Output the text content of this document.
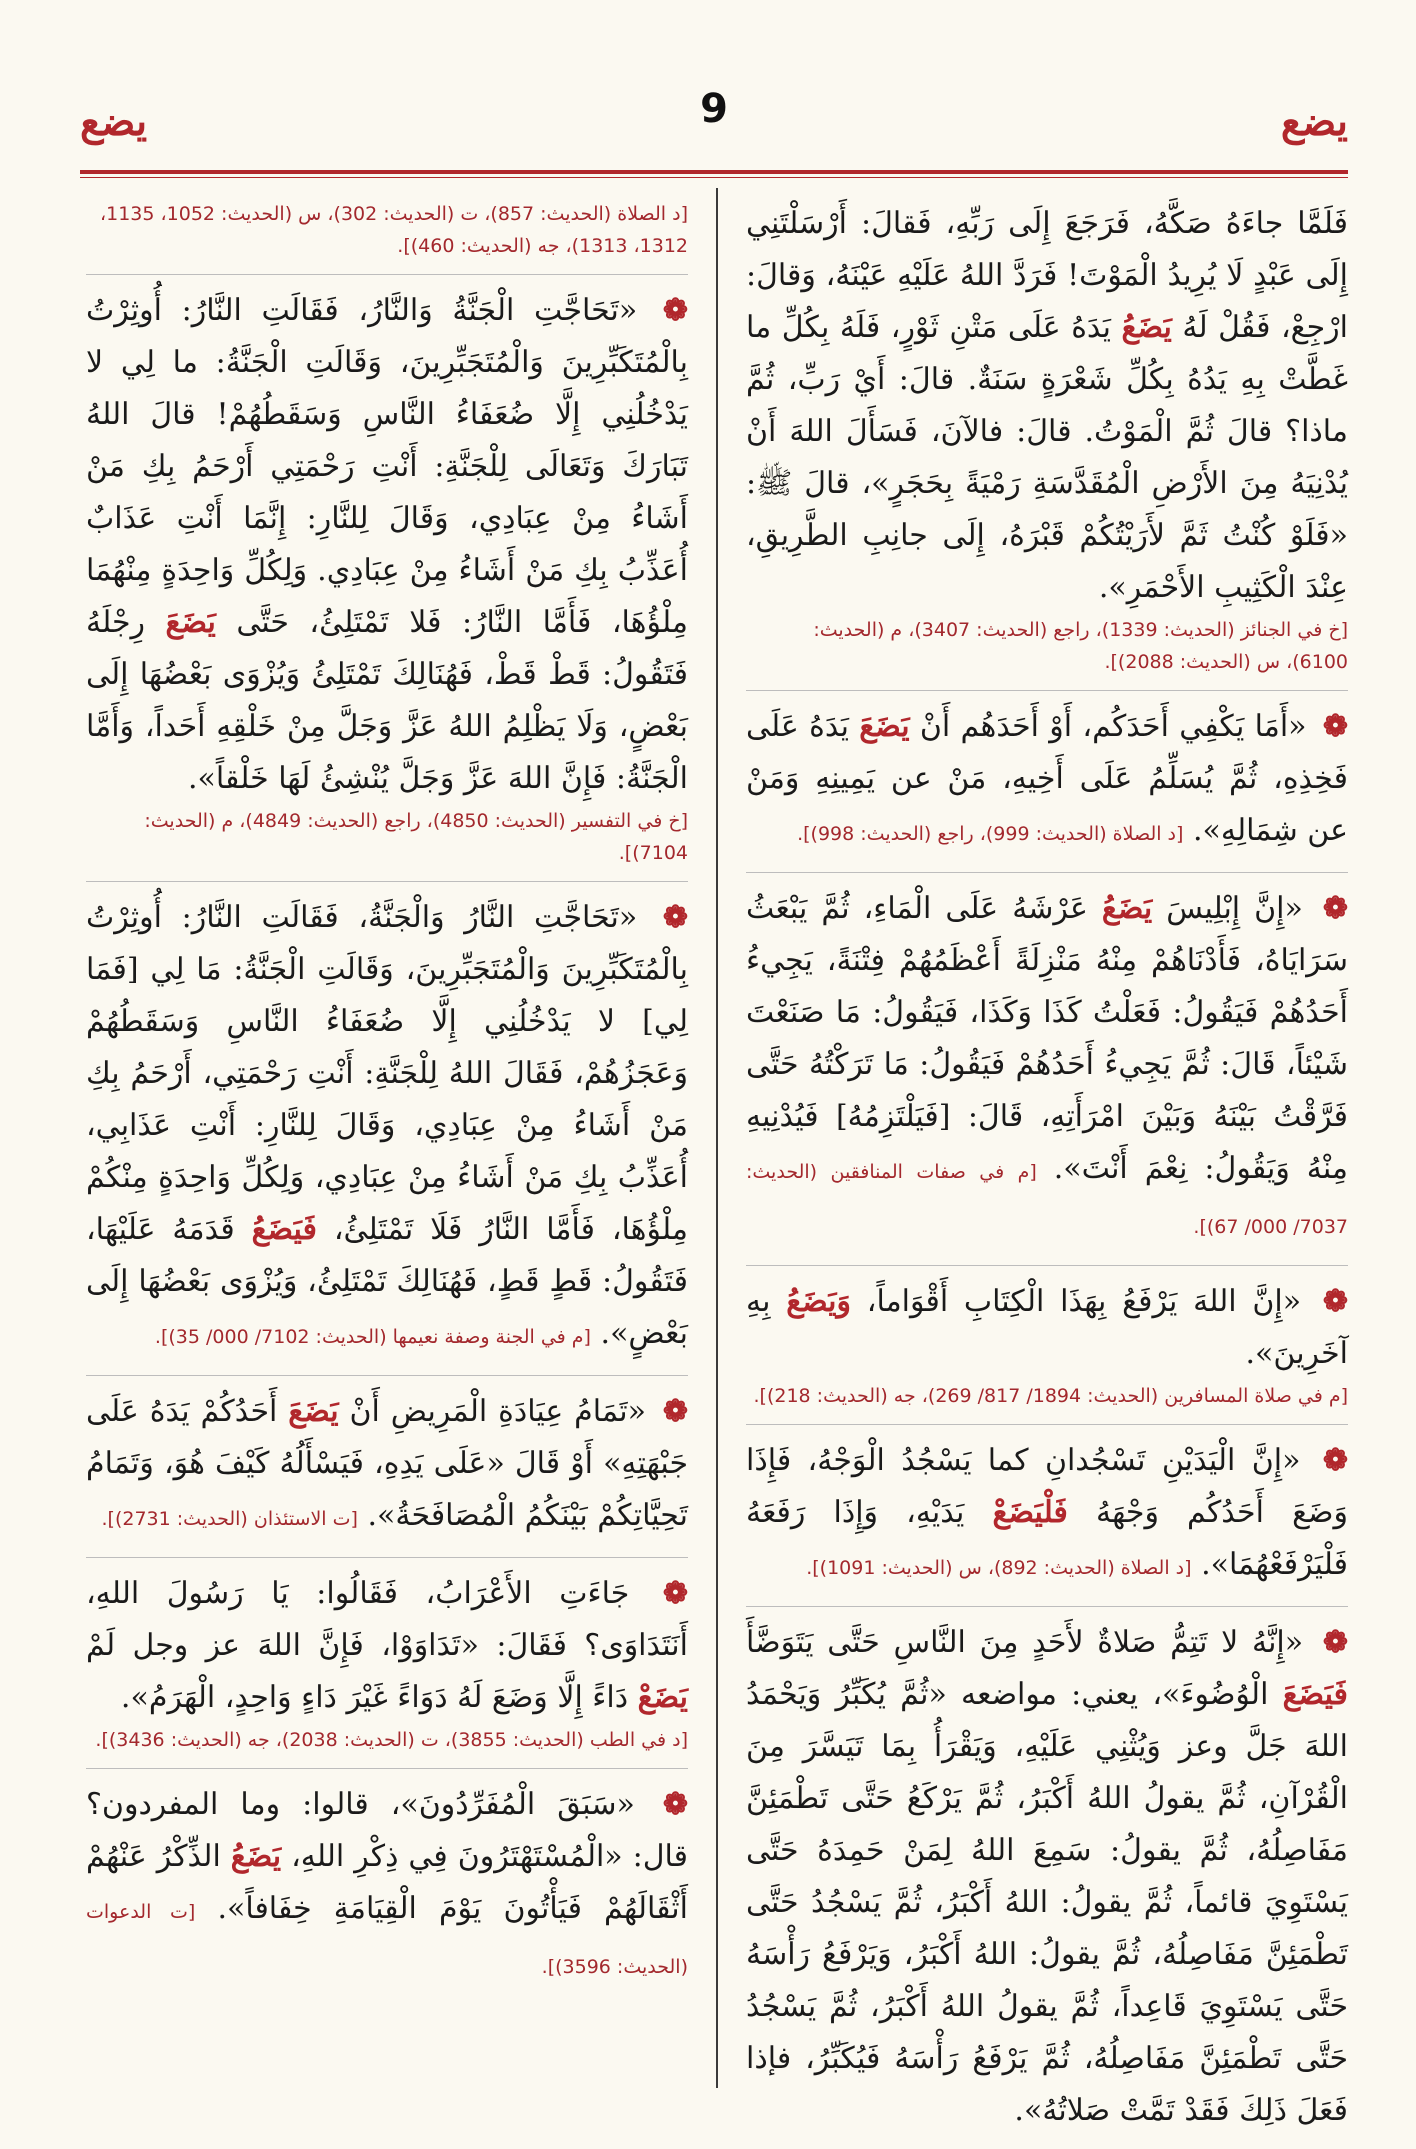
يضع
9
يضع

فَلَمَّا جاءَهُ صَكَّهُ، فَرَجَعَ إِلَى رَبِّهِ، فَقالَ: أَرْسَلْتَنِي إِلَى عَبْدٍ لَا يُرِيدُ الْمَوْتَ! فَرَدَّ اللهُ عَلَيْهِ عَيْنَهُ، وَقالَ: ارْجِعْ، فَقُلْ لَهُ يَضَعُ يَدَهُ عَلَى مَتْنِ ثَوْرٍ، فَلَهُ بِكُلِّ ما غَطَّتْ بِهِ يَدُهُ بِكُلِّ شَعْرَةٍ سَنَةٌ. قالَ: أَيْ رَبِّ، ثُمَّ ماذا؟ قالَ ثُمَّ الْمَوْتُ. قالَ: فالآنَ، فَسَأَلَ اللهَ أَنْ يُدْنِيَهُ مِنَ الأَرْضِ الْمُقَدَّسَةِ رَمْيَةً بِحَجَرٍ»، قالَ ﷺ: «فَلَوْ كُنْتُ ثَمَّ لأَرَيْتُكُمْ قَبْرَهُ، إِلَى جانِبِ الطَّرِيقِ، عِنْدَ الْكَثِيبِ الأَحْمَرِ».

[خ في الجنائز (الحديث: 1339)، راجع (الحديث: 3407)، م (الحديث: 6100)، س (الحديث: 2088)].

❁ «أَمَا يَكْفِي أَحَدَكُم، أَوْ أَحَدَهُم أَنْ يَضَعَ يَدَهُ عَلَى فَخِذِهِ، ثُمَّ يُسَلِّمُ عَلَى أَخِيهِ، مَنْ عن يَمِينِهِ وَمَنْ عن شِمَالِهِ». [د الصلاة (الحديث: 999)، راجع (الحديث: 998)].

❁ «إِنَّ إِبْلِيسَ يَضَعُ عَرْشَهُ عَلَى الْمَاءِ، ثُمَّ يَبْعَثُ سَرَايَاهُ، فَأَدْنَاهُمْ مِنْهُ مَنْزِلَةً أَعْظَمُهُمْ فِتْنَةً، يَجِيءُ أَحَدُهُمْ فَيَقُولُ: فَعَلْتُ كَذَا وَكَذَا، فَيَقُولُ: مَا صَنَعْتَ شَيْئاً، قَالَ: ثُمَّ يَجِيءُ أَحَدُهُمْ فَيَقُولُ: مَا تَرَكْتُهُ حَتَّى فَرَّقْتُ بَيْنَهُ وَبَيْنَ امْرَأَتِهِ، قَالَ: [فَيَلْتَزِمُهُ] فَيُدْنِيهِ مِنْهُ وَيَقُولُ: نِعْمَ أَنْتَ». [م في صفات المنافقين (الحديث: 7037/ 000/ 67)].

❁ «إِنَّ اللهَ يَرْفَعُ بِهَذَا الْكِتَابِ أَقْوَاماً، وَيَضَعُ بِهِ آخَرِينَ».

[م في صلاة المسافرين (الحديث: 1894/ 817/ 269)، جه (الحديث: 218)].

❁ «إِنَّ الْيَدَيْنِ تَسْجُدانِ كما يَسْجُدُ الْوَجْهُ، فَإِذَا وَضَعَ أَحَدُكُم وَجْهَهُ فَلْيَضَعْ يَدَيْهِ، وَإِذَا رَفَعَهُ فَلْيَرْفَعْهُمَا». [د الصلاة (الحديث: 892)، س (الحديث: 1091)].

❁ «إِنَّهُ لا تَتِمُّ صَلاةٌ لأَحَدٍ مِنَ النَّاسِ حَتَّى يَتَوَضَّأَ فَيَضَعَ الْوُضُوءَ»، يعني: مواضعه «ثُمَّ يُكَبِّرُ وَيَحْمَدُ اللهَ جَلَّ وعز وَيُثْنِي عَلَيْهِ، وَيَقْرَأُ بِمَا تَيَسَّرَ مِنَ الْقُرْآنِ، ثُمَّ يقولُ اللهُ أَكْبَرُ، ثُمَّ يَرْكَعُ حَتَّى تَطْمَئِنَّ مَفَاصِلُهُ، ثُمَّ يقولُ: سَمِعَ اللهُ لِمَنْ حَمِدَهُ حَتَّى يَسْتَوِيَ قائماً، ثُمَّ يقولُ: اللهُ أَكْبَرُ، ثُمَّ يَسْجُدُ حَتَّى تَطْمَئِنَّ مَفَاصِلُهُ، ثُمَّ يقولُ: اللهُ أَكْبَرُ، وَيَرْفَعُ رَأْسَهُ حَتَّى يَسْتَوِيَ قَاعِداً، ثُمَّ يقولُ اللهُ أَكْبَرُ، ثُمَّ يَسْجُدُ حَتَّى تَطْمَئِنَّ مَفَاصِلُهُ، ثُمَّ يَرْفَعُ رَأْسَهُ فَيُكَبِّرُ، فإذا فَعَلَ ذَلِكَ فَقَدْ تَمَّتْ صَلاتُهُ».

[د الصلاة (الحديث: 857)، ت (الحديث: 302)، س (الحديث: 1052، 1135، 1312، 1313)، جه (الحديث: 460)].

❁ «تَحَاجَّتِ الْجَنَّةُ وَالنَّارُ، فَقَالَتِ النَّارُ: أُوثِرْتُ بِالْمُتَكَبِّرِينَ وَالْمُتَجَبِّرِينَ، وَقَالَتِ الْجَنَّةُ: ما لِي لا يَدْخُلُنِي إِلَّا ضُعَفَاءُ النَّاسِ وَسَقَطُهُمْ! قالَ اللهُ تَبَارَكَ وَتَعَالَى لِلْجَنَّةِ: أَنْتِ رَحْمَتِي أَرْحَمُ بِكِ مَنْ أَشَاءُ مِنْ عِبَادِي، وَقَالَ لِلنَّارِ: إِنَّمَا أَنْتِ عَذَابٌ أُعَذِّبُ بِكِ مَنْ أَشَاءُ مِنْ عِبَادِي. وَلِكُلِّ وَاحِدَةٍ مِنْهُمَا مِلْؤُهَا، فَأَمَّا النَّارُ: فَلا تَمْتَلِئُ، حَتَّى يَضَعَ رِجْلَهُ فَتَقُولُ: قَطْ قَطْ، فَهُنَالِكَ تَمْتَلِئُ وَيُزْوَى بَعْضُهَا إِلَى بَعْضٍ، وَلَا يَظْلِمُ اللهُ عَزَّ وَجَلَّ مِنْ خَلْقِهِ أَحَداً، وَأَمَّا الْجَنَّةُ: فَإِنَّ اللهَ عَزَّ وَجَلَّ يُنْشِئُ لَهَا خَلْقاً».

[خ في التفسير (الحديث: 4850)، راجع (الحديث: 4849)، م (الحديث: 7104)].

❁ «تَحَاجَّتِ النَّارُ وَالْجَنَّةُ، فَقَالَتِ النَّارُ: أُوثِرْتُ بِالْمُتَكَبِّرِينَ وَالْمُتَجَبِّرِينَ، وَقَالَتِ الْجَنَّةُ: مَا لِي [فَمَا لِي] لا يَدْخُلُنِي إِلَّا ضُعَفَاءُ النَّاسِ وَسَقَطُهُمْ وَعَجَزُهُمْ، فَقَالَ اللهُ لِلْجَنَّةِ: أَنْتِ رَحْمَتِي، أَرْحَمُ بِكِ مَنْ أَشَاءُ مِنْ عِبَادِي، وَقَالَ لِلنَّارِ: أَنْتِ عَذَابِي، أُعَذِّبُ بِكِ مَنْ أَشَاءُ مِنْ عِبَادِي، وَلِكُلِّ وَاحِدَةٍ مِنْكُمْ مِلْؤُهَا، فَأَمَّا النَّارُ فَلَا تَمْتَلِئُ، فَيَضَعُ قَدَمَهُ عَلَيْهَا، فَتَقُولُ: قَطٍ قَطٍ، فَهُنَالِكَ تَمْتَلِئُ، وَيُزْوَى بَعْضُهَا إِلَى بَعْضٍ». [م في الجنة وصفة نعيمها (الحديث: 7102/ 000/ 35)].

❁ «تَمَامُ عِيَادَةِ الْمَرِيضِ أَنْ يَضَعَ أَحَدُكُمْ يَدَهُ عَلَى جَبْهَتِهِ» أَوْ قَالَ «عَلَى يَدِهِ، فَيَسْأَلُهُ كَيْفَ هُوَ، وَتَمَامُ تَحِيَّاتِكُمْ بَيْنَكُمُ الْمُصَافَحَةُ». [ت الاستئذان (الحديث: 2731)].

❁ جَاءَتِ الأَعْرَابُ، فَقَالُوا: يَا رَسُولَ اللهِ، أَنَتَدَاوَى؟ فَقَالَ: «تَدَاوَوْا، فَإِنَّ اللهَ عز وجل لَمْ يَضَعْ دَاءً إِلَّا وَضَعَ لَهُ دَوَاءً غَيْرَ دَاءٍ وَاحِدٍ، الْهَرَمُ».

[د في الطب (الحديث: 3855)، ت (الحديث: 2038)، جه (الحديث: 3436)].

❁ «سَبَقَ الْمُفَرِّدُونَ»، قالوا: وما المفردون؟ قال: «الْمُسْتَهْتَرُونَ فِي ذِكْرِ اللهِ، يَضَعُ الذِّكْرُ عَنْهُمْ أَثْقَالَهُمْ فَيَأْتُونَ يَوْمَ الْقِيَامَةِ خِفَافاً». [ت الدعوات (الحديث: 3596)].
